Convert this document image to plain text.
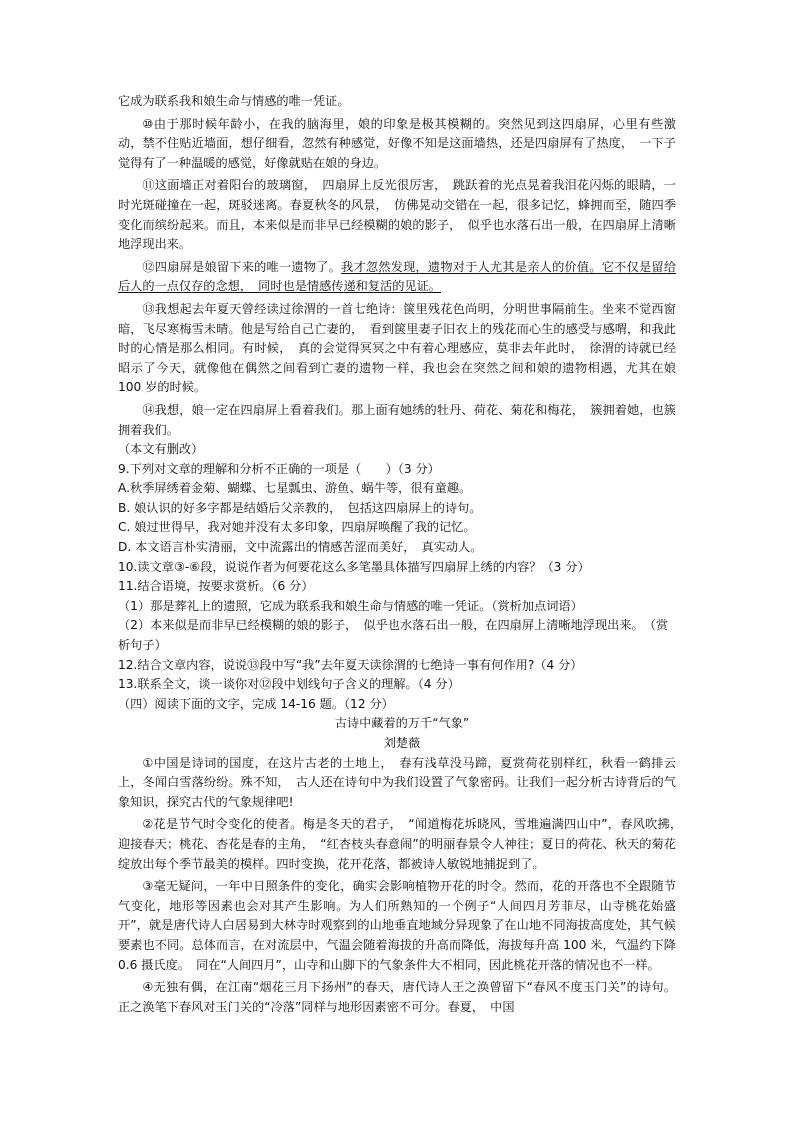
它成为联系我和娘生命与情感的唯一凭证。

⑩由于那时候年龄小，在我的脑海里，娘的印象是极其模糊的。突然见到这四扇屏，心里有些激动，禁不住贴近墙面，想仔细看，忽然有种感觉，好像不知是这面墙热，还是四扇屏有了热度，　一下子觉得有了一种温暖的感觉，好像就贴在娘的身边。

⑪这面墙正对着阳台的玻璃窗，　四扇屏上反光很厉害，　跳跃着的光点晃着我泪花闪烁的眼睛，一时光斑碰撞在一起，斑驳迷离。春夏秋冬的风景，　仿佛晃动交错在一起，很多记忆，蜂拥而至，随四季变化而缤纷起来。而且，本来似是而非早已经模糊的娘的影子，　似乎也水落石出一般，在四扇屏上清晰地浮现出来。

⑫四扇屏是娘留下来的唯一遗物了。我才忽然发现，遗物对于人尤其是亲人的价值。它不仅是留给后人的一点仅存的念想，　同时也是情感传递和复活的见证。

⑬我想起去年夏天曾经读过徐渭的一首七绝诗：箧里残花色尚明，分明世事隔前生。坐来不觉西窗暗，飞尽寒梅雪未晴。他是写给自己亡妻的，　看到箧里妻子旧衣上的残花而心生的感受与感喟，和我此时的心情是那么相同。有时候，　真的会觉得冥冥之中有着心理感应，莫非去年此时，　徐渭的诗就已经昭示了今天，就像他在偶然之间看到亡妻的遗物一样，我也会在突然之间和娘的遗物相遇，尤其在娘 100 岁的时候。

⑭我想，娘一定在四扇屏上看着我们。那上面有她绣的牡丹、荷花、菊花和梅花，　簇拥着她，也簇拥着我们。

（本文有删改）

9.下列对文章的理解和分析不正确的一项是（　　）（3 分）

A.秋季屏绣着金菊、蝴蝶、七星瓢虫、游鱼、蜗牛等，很有童趣。

B. 娘认识的好多字都是结婚后父亲教的，　包括这四扇屏上的诗句。

C. 娘过世得早，我对她并没有太多印象，四扇屏唤醒了我的记忆。

D. 本文语言朴实清丽，文中流露出的情感苦涩而美好，　真实动人。

10.读文章③-⑥段，说说作者为何要花这么多笔墨具体描写四扇屏上绣的内容？（3 分）

11.结合语境，按要求赏析。（6 分）

（1）那是葬礼上的遗照，它成为联系我和娘生命与情感的唯一凭证。（赏析加点词语）

（2）本来似是而非早已经模糊的娘的影子，　似乎也水落石出一般，在四扇屏上清晰地浮现出来。　（赏析句子）

12.结合文章内容，说说⑬段中写“我”去年夏天读徐渭的七绝诗一事有何作用?（4 分）

13.联系全文，谈一谈你对⑫段中划线句子含义的理解。（4 分）

（四）阅读下面的文字，完成 14-16 题。（12 分）

古诗中藏着的万千“气象”

刘楚薇

①中国是诗词的国度，在这片古老的土地上，　春有浅草没马蹄，夏赏荷花别样红，秋看一鹤排云上，冬闻白雪落纷纷。殊不知，　古人还在诗句中为我们设置了气象密码。让我们一起分析古诗背后的气象知识，探究古代的气象规律吧!

②花是节气时令变化的使者。梅是冬天的君子，　“闻道梅花坼晓风，雪堆遍满四山中”，春风吹拂，　迎接春天；桃花、杏花是春的主角，　“红杏枝头春意闹”的明丽春景令人神往；夏日的荷花、秋天的菊花绽放出每个季节最美的模样。四时变换，花开花落，都被诗人敏锐地捕捉到了。

③毫无疑问，一年中日照条件的变化，确实会影响植物开花的时令。然而，花的开落也不全跟随节气变化，地形等因素也会对其产生影响。为人们所熟知的一个例子“人间四月芳菲尽，山寺桃花始盛开”，就是唐代诗人白居易到大林寺时观察到的山地垂直地域分异现象了在山地不同海拔高度处，其气候要素也不同。总体而言，在对流层中，气温会随着海拔的升高而降低，海拔每升高 100 米，气温约下降 0.6 摄氏度。　同在“人间四月”，山寺和山脚下的气象条件大不相同，因此桃花开落的情况也不一样。

④无独有偶，在江南“烟花三月下扬州”的春天，唐代诗人王之涣曾留下“春风不度玉门关”的诗句。正之涣笔下春风对玉门关的“冷落”同样与地形因素密不可分。春夏，　中国
